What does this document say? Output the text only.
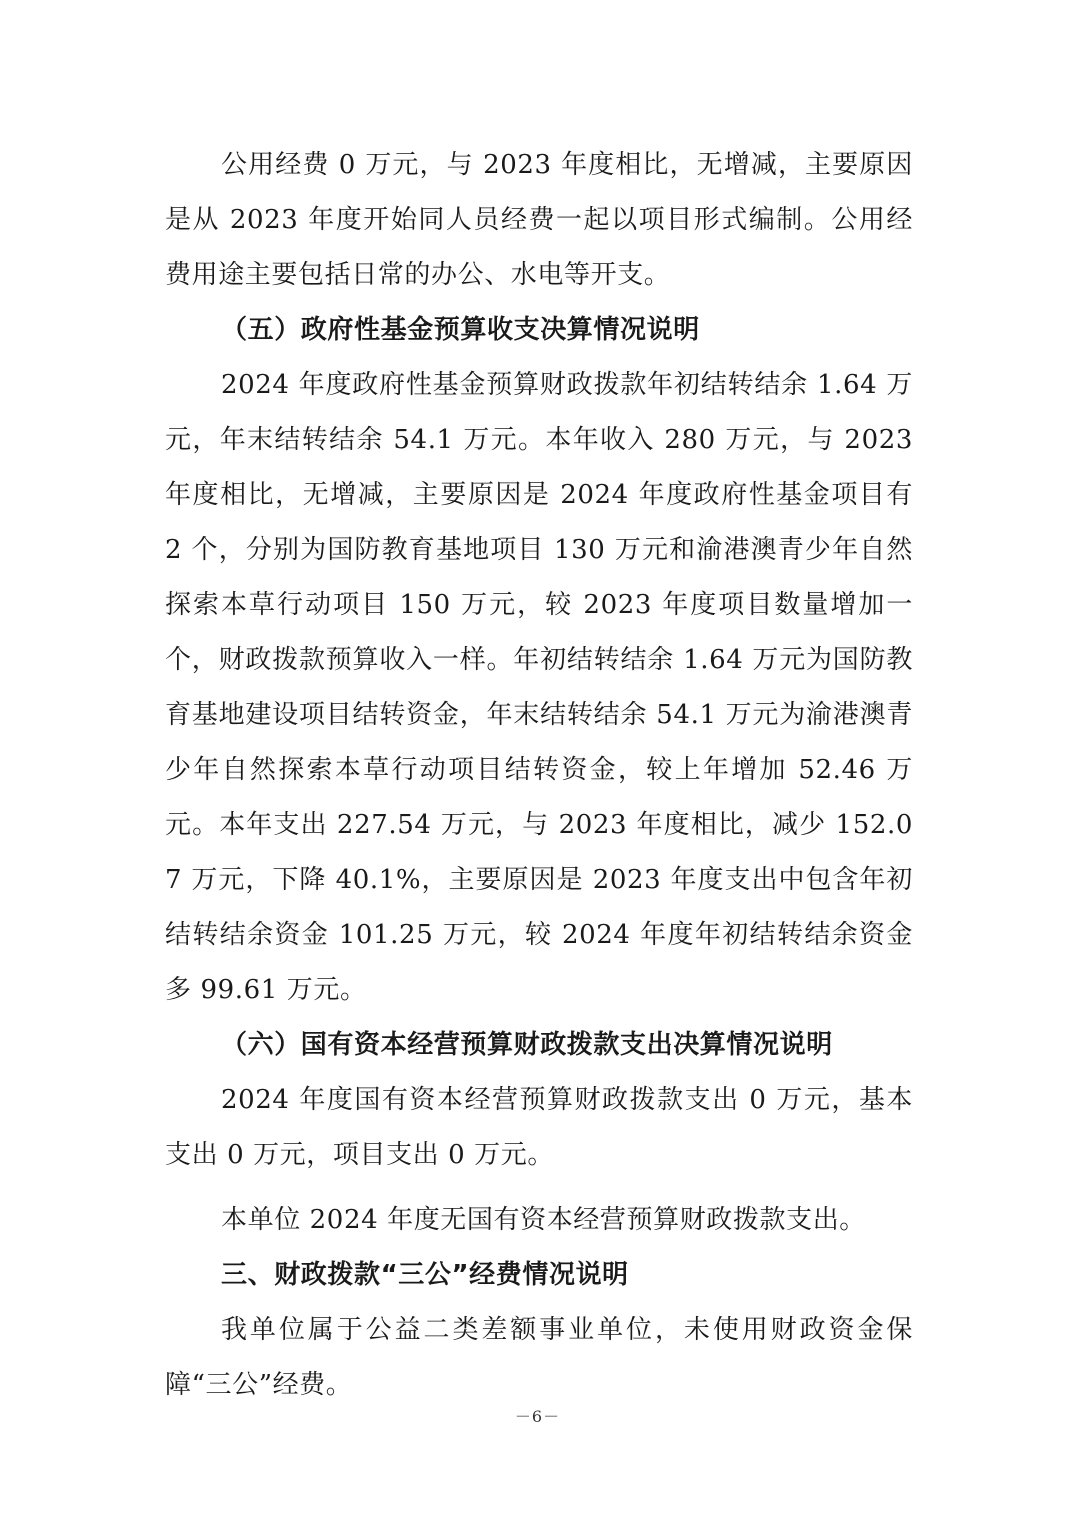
公用经费 0 万元，与 2023 年度相比，无增减，主要原因是从 2023 年度开始同人员经费一起以项目形式编制。公用经费用途主要包括日常的办公、水电等开支。

（五）政府性基金预算收支决算情况说明

2024 年度政府性基金预算财政拨款年初结转结余 1.64 万元，年末结转结余 54.1 万元。本年收入 280 万元，与 2023 年度相比，无增减，主要原因是 2024 年度政府性基金项目有 2 个，分别为国防教育基地项目 130 万元和渝港澳青少年自然探索本草行动项目 150 万元，较 2023 年度项目数量增加一个，财政拨款预算收入一样。年初结转结余 1.64 万元为国防教育基地建设项目结转资金，年末结转结余 54.1 万元为渝港澳青少年自然探索本草行动项目结转资金，较上年增加 52.46 万元。本年支出 227.54 万元，与 2023 年度相比，减少 152.07 万元，下降 40.1%，主要原因是 2023 年度支出中包含年初结转结余资金 101.25 万元，较 2024 年度年初结转结余资金多 99.61 万元。

（六）国有资本经营预算财政拨款支出决算情况说明

2024 年度国有资本经营预算财政拨款支出 0 万元，基本支出 0 万元，项目支出 0 万元。

本单位 2024 年度无国有资本经营预算财政拨款支出。

三、财政拨款“三公”经费情况说明

我单位属于公益二类差额事业单位，未使用财政资金保障“三公”经费。

－6－
